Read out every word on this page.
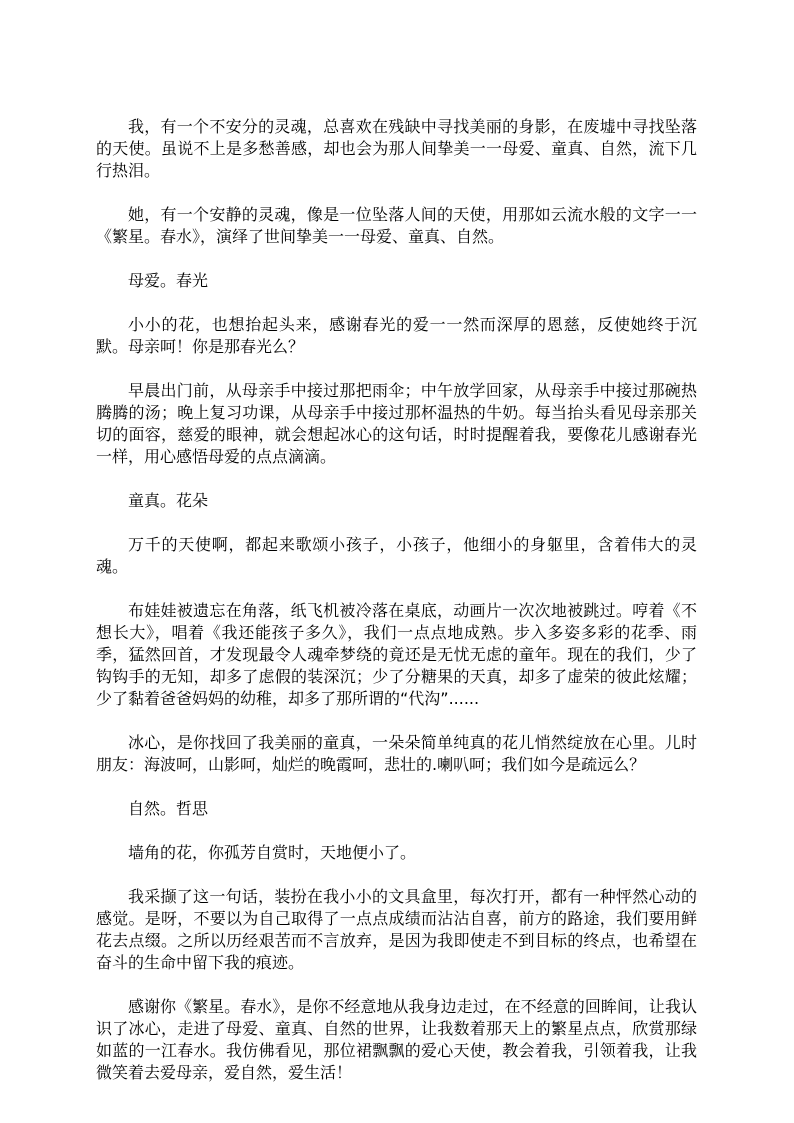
我，有一个不安分的灵魂，总喜欢在残缺中寻找美丽的身影，在废墟中寻找坠落的天使。虽说不上是多愁善感，却也会为那人间挚美一一母爱、童真、自然，流下几行热泪。

她，有一个安静的灵魂，像是一位坠落人间的天使，用那如云流水般的文字一一《繁星。春水》，演绎了世间挚美一一母爱、童真、自然。

母爱。春光

小小的花，也想抬起头来，感谢春光的爱一一然而深厚的恩慈，反使她终于沉默。母亲呵！你是那春光么？

早晨出门前，从母亲手中接过那把雨伞；中午放学回家，从母亲手中接过那碗热腾腾的汤；晚上复习功课，从母亲手中接过那杯温热的牛奶。每当抬头看见母亲那关切的面容，慈爱的眼神，就会想起冰心的这句话，时时提醒着我，要像花儿感谢春光一样，用心感悟母爱的点点滴滴。

童真。花朵

万千的天使啊，都起来歌颂小孩子，小孩子，他细小的身躯里，含着伟大的灵魂。

布娃娃被遗忘在角落，纸飞机被冷落在桌底，动画片一次次地被跳过。哼着《不想长大》，唱着《我还能孩子多久》，我们一点点地成熟。步入多姿多彩的花季、雨季，猛然回首，才发现最令人魂牵梦绕的竟还是无忧无虑的童年。现在的我们，少了钩钩手的无知，却多了虑假的装深沉；少了分糖果的天真，却多了虚荣的彼此炫耀；少了黏着爸爸妈妈的幼稚，却多了那所谓的“代沟”......

冰心，是你找回了我美丽的童真，一朵朵简单纯真的花儿悄然绽放在心里。儿时朋友：海波呵，山影呵，灿烂的晚霞呵，悲壮的.喇叭呵；我们如今是疏远么？

自然。哲思

墙角的花，你孤芳自赏时，天地便小了。

我采撷了这一句话，装扮在我小小的文具盒里，每次打开，都有一种怦然心动的感觉。是呀，不要以为自己取得了一点点成绩而沾沾自喜，前方的路途，我们要用鲜花去点缀。之所以历经艰苦而不言放弃，是因为我即使走不到目标的终点，也希望在奋斗的生命中留下我的痕迹。

感谢你《繁星。春水》，是你不经意地从我身边走过，在不经意的回眸间，让我认识了冰心，走进了母爱、童真、自然的世界，让我数着那天上的繁星点点，欣赏那绿如蓝的一江春水。我仿佛看见，那位裙飘飘的爱心天使，教会着我，引领着我，让我微笑着去爱母亲，爱自然，爱生活！
